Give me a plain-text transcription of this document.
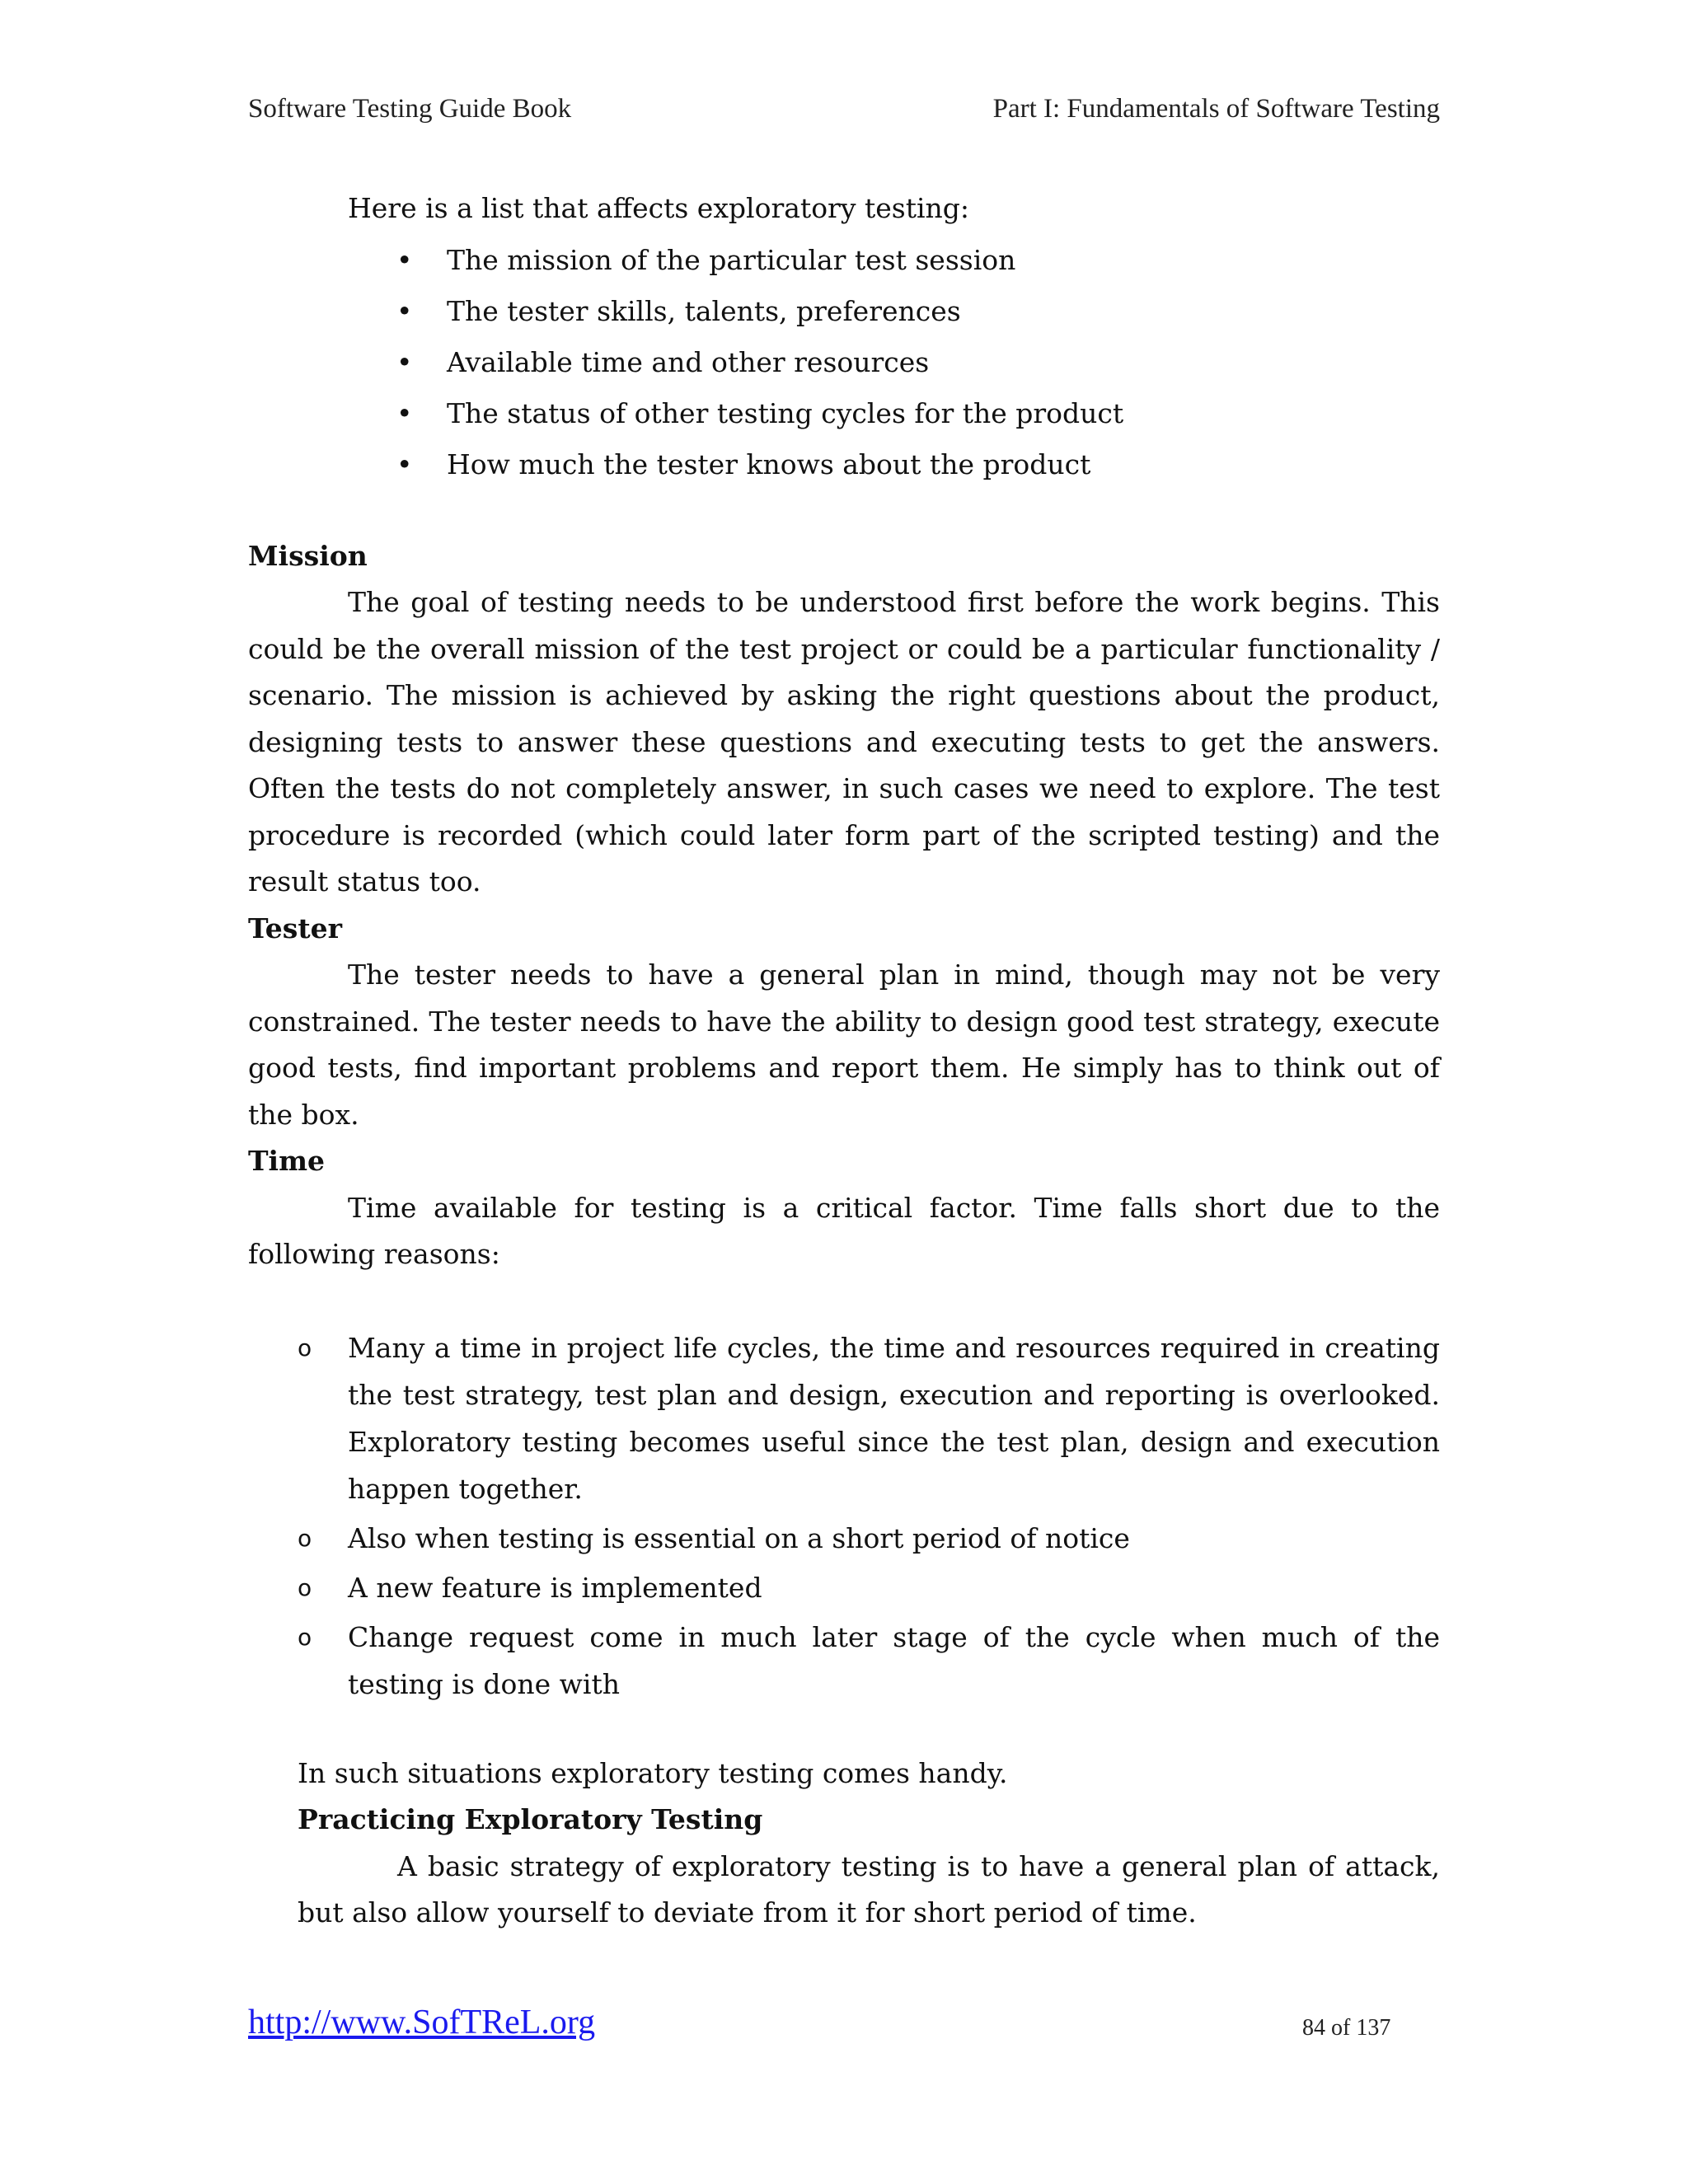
Software Testing Guide Book	Part I: Fundamentals of Software Testing

Here is a list that affects exploratory testing:

• The mission of the particular test session
• The tester skills, talents, preferences
• Available time and other resources
• The status of other testing cycles for the product
• How much the tester knows about the product

Mission

The goal of testing needs to be understood first before the work begins. This could be the overall mission of the test project or could be a particular functionality / scenario. The mission is achieved by asking the right questions about the product, designing tests to answer these questions and executing tests to get the answers. Often the tests do not completely answer, in such cases we need to explore. The test procedure is recorded (which could later form part of the scripted testing) and the result status too.

Tester

The tester needs to have a general plan in mind, though may not be very constrained. The tester needs to have the ability to design good test strategy, execute good tests, find important problems and report them. He simply has to think out of the box.

Time

Time available for testing is a critical factor. Time falls short due to the following reasons:

o Many a time in project life cycles, the time and resources required in creating the test strategy, test plan and design, execution and reporting is overlooked. Exploratory testing becomes useful since the test plan, design and execution happen together.
o Also when testing is essential on a short period of notice
o A new feature is implemented
o Change request come in much later stage of the cycle when much of the testing is done with

In such situations exploratory testing comes handy.

Practicing Exploratory Testing

A basic strategy of exploratory testing is to have a general plan of attack, but also allow yourself to deviate from it for short period of time.

http://www.SofTReL.org	84 of 137
